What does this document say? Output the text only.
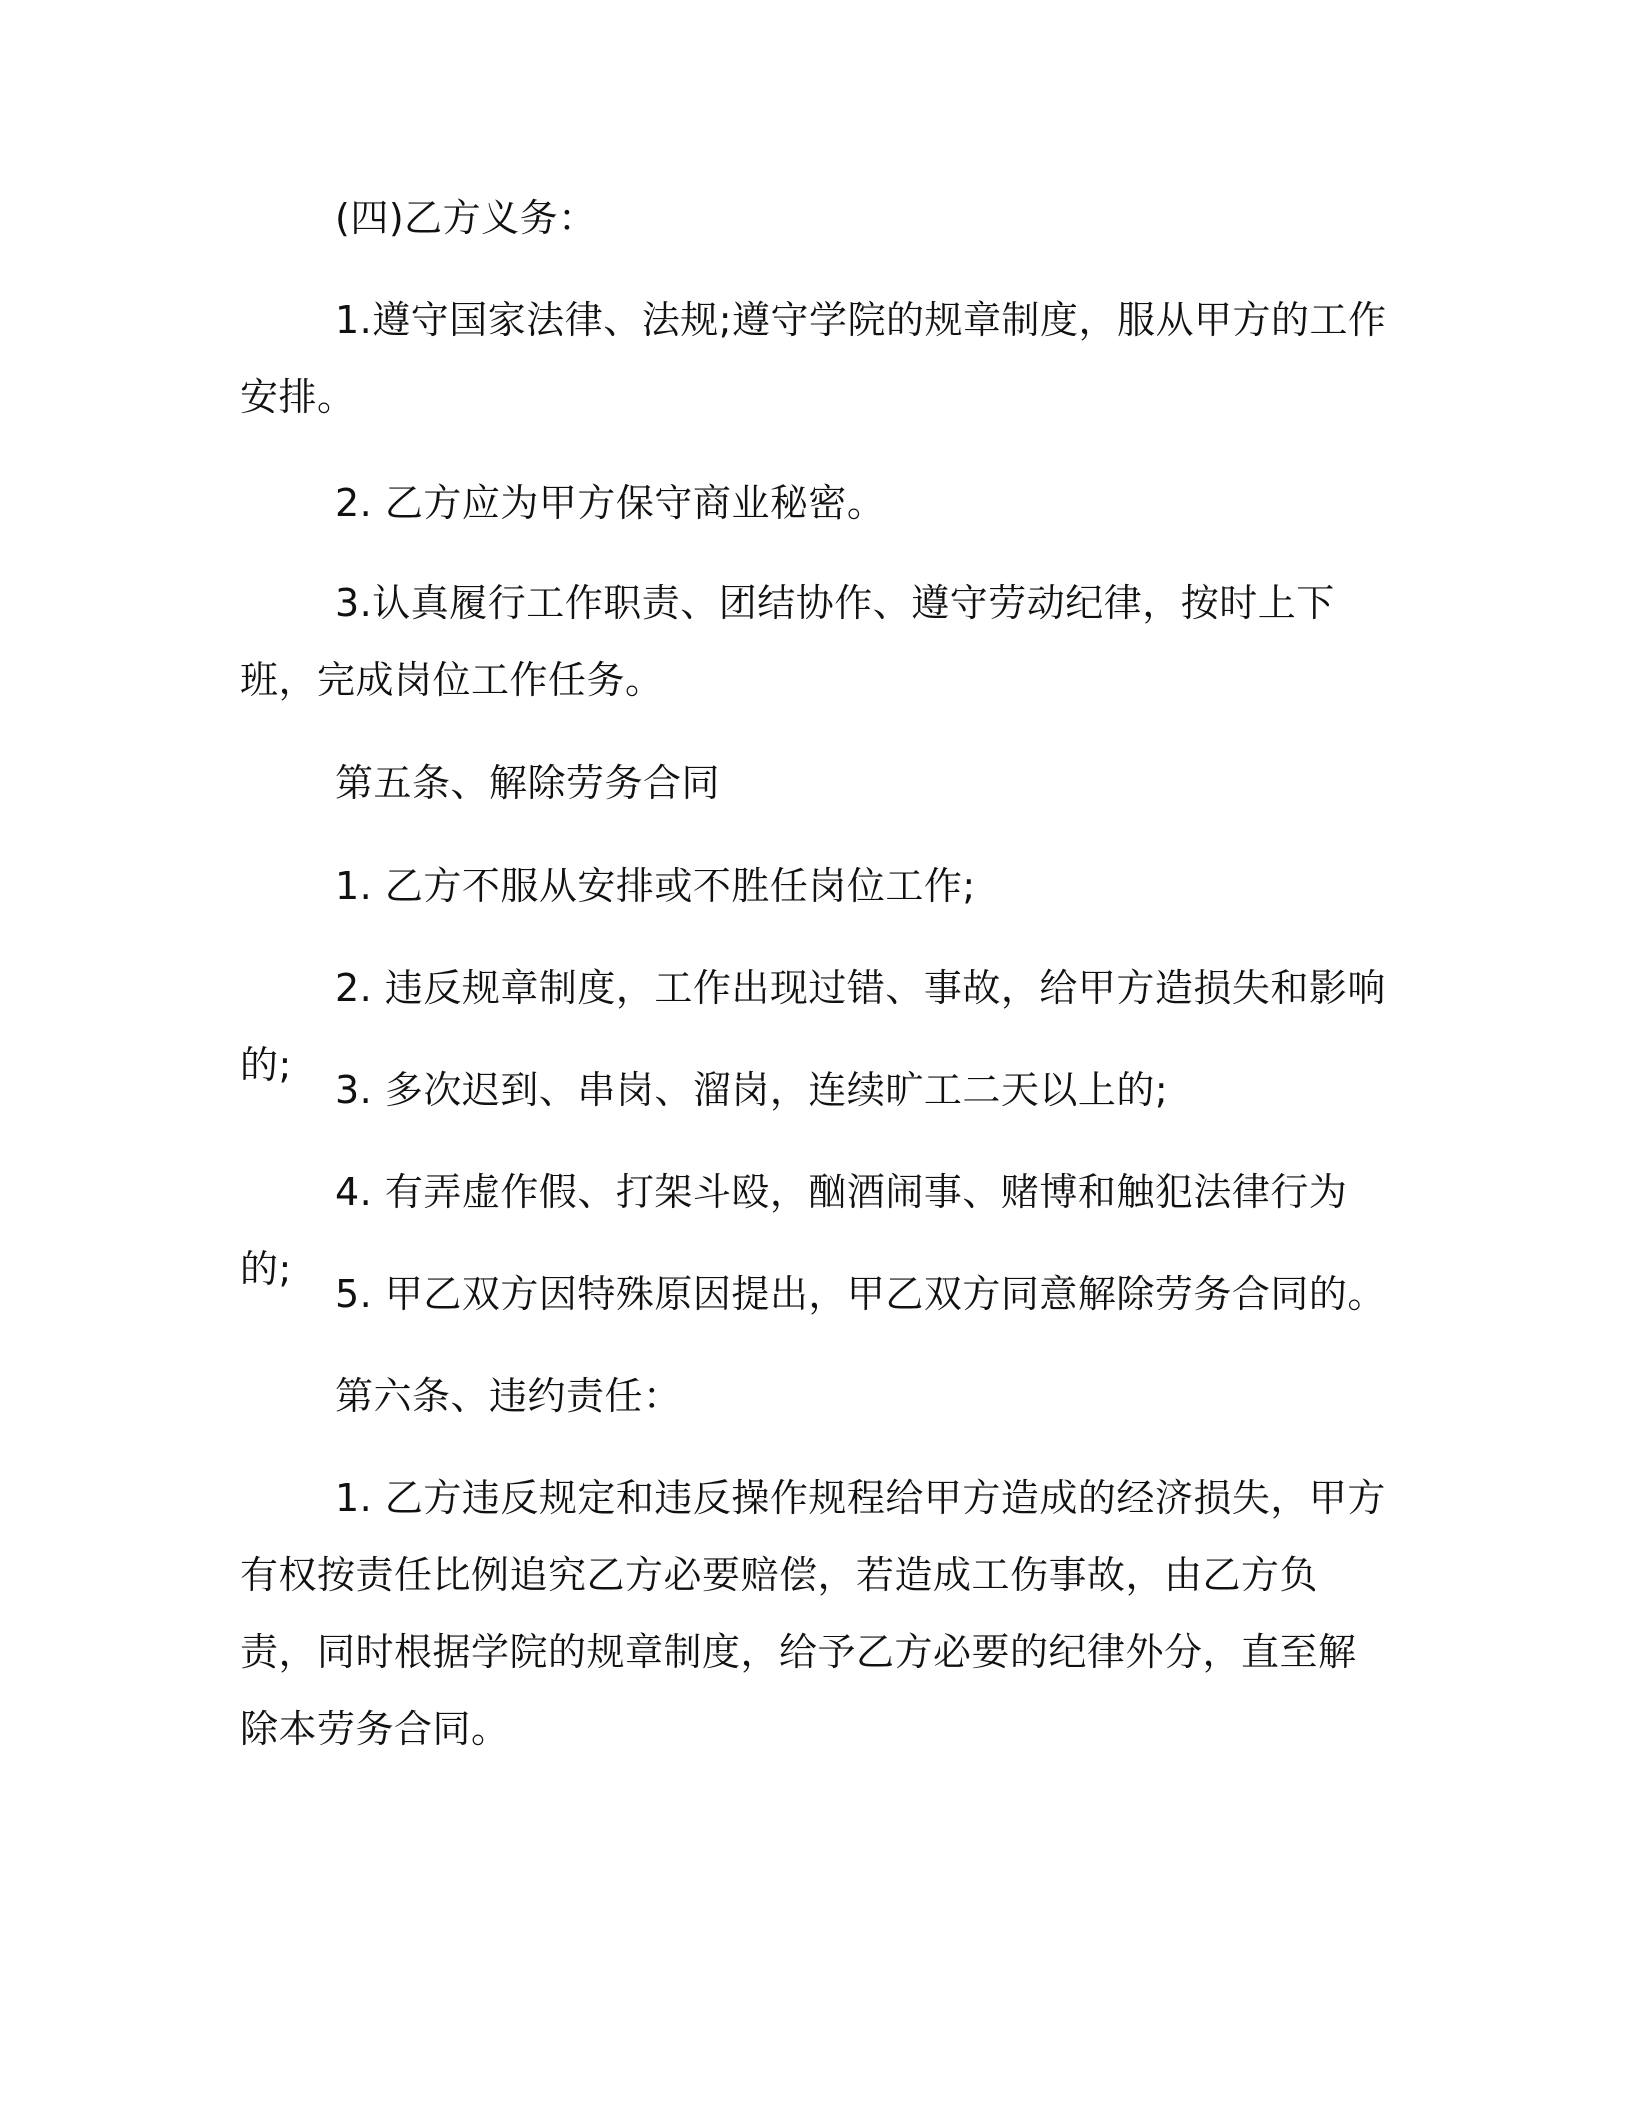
(四)乙方义务：

1.遵守国家法律、法规;遵守学院的规章制度，服从甲方的工作安排。

2. 乙方应为甲方保守商业秘密。

3.认真履行工作职责、团结协作、遵守劳动纪律，按时上下班，完成岗位工作任务。

第五条、解除劳务合同

1. 乙方不服从安排或不胜任岗位工作;

2. 违反规章制度，工作出现过错、事故，给甲方造损失和影响的;

3. 多次迟到、串岗、溜岗，连续旷工二天以上的;

4. 有弄虚作假、打架斗殴，酗酒闹事、赌博和触犯法律行为的;

5. 甲乙双方因特殊原因提出，甲乙双方同意解除劳务合同的。

第六条、违约责任：

1. 乙方违反规定和违反操作规程给甲方造成的经济损失，甲方有权按责任比例追究乙方必要赔偿，若造成工伤事故，由乙方负责，同时根据学院的规章制度，给予乙方必要的纪律外分，直至解除本劳务合同。
